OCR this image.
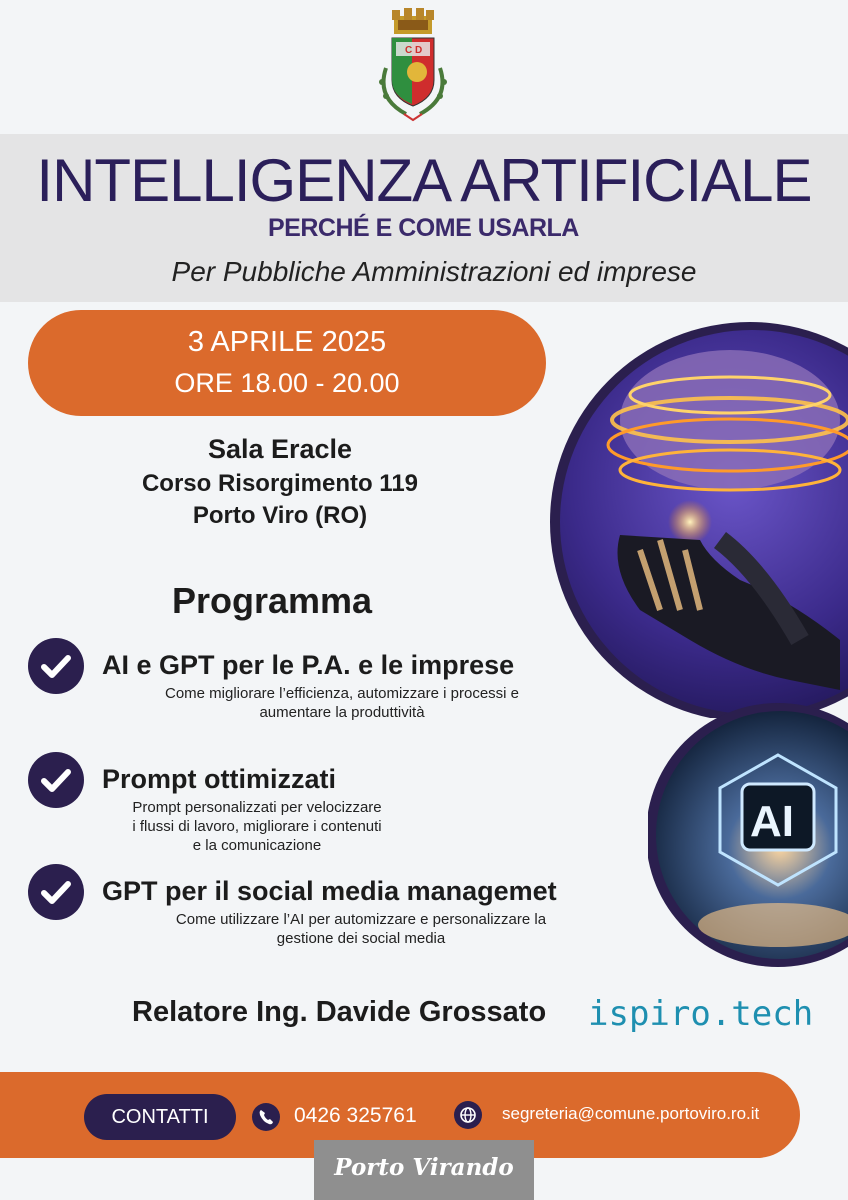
C D
INTELLIGENZA ARTIFICIALE
PERCHÉ E COME USARLA
Per Pubbliche Amministrazioni ed imprese
3 APRILE 2025
ORE 18.00 - 20.00
AI
Sala Eracle
Corso Risorgimento 119
Porto Viro (RO)
Programma
AI e GPT per le P.A. e le imprese
Come migliorare l’efficienza, automizzare i processi e
aumentare la produttività
Prompt ottimizzati
Prompt personalizzati per velocizzare
i flussi di lavoro, migliorare i contenuti
e la comunicazione
GPT per il social media managemet
Come utilizzare l’AI per automizzare e personalizzare la
gestione dei social media
Relatore Ing. Davide Grossato ispiro.tech
CONTATTI	0426 325761	segreteria@comune.portoviro.ro.it
Porto Virando
